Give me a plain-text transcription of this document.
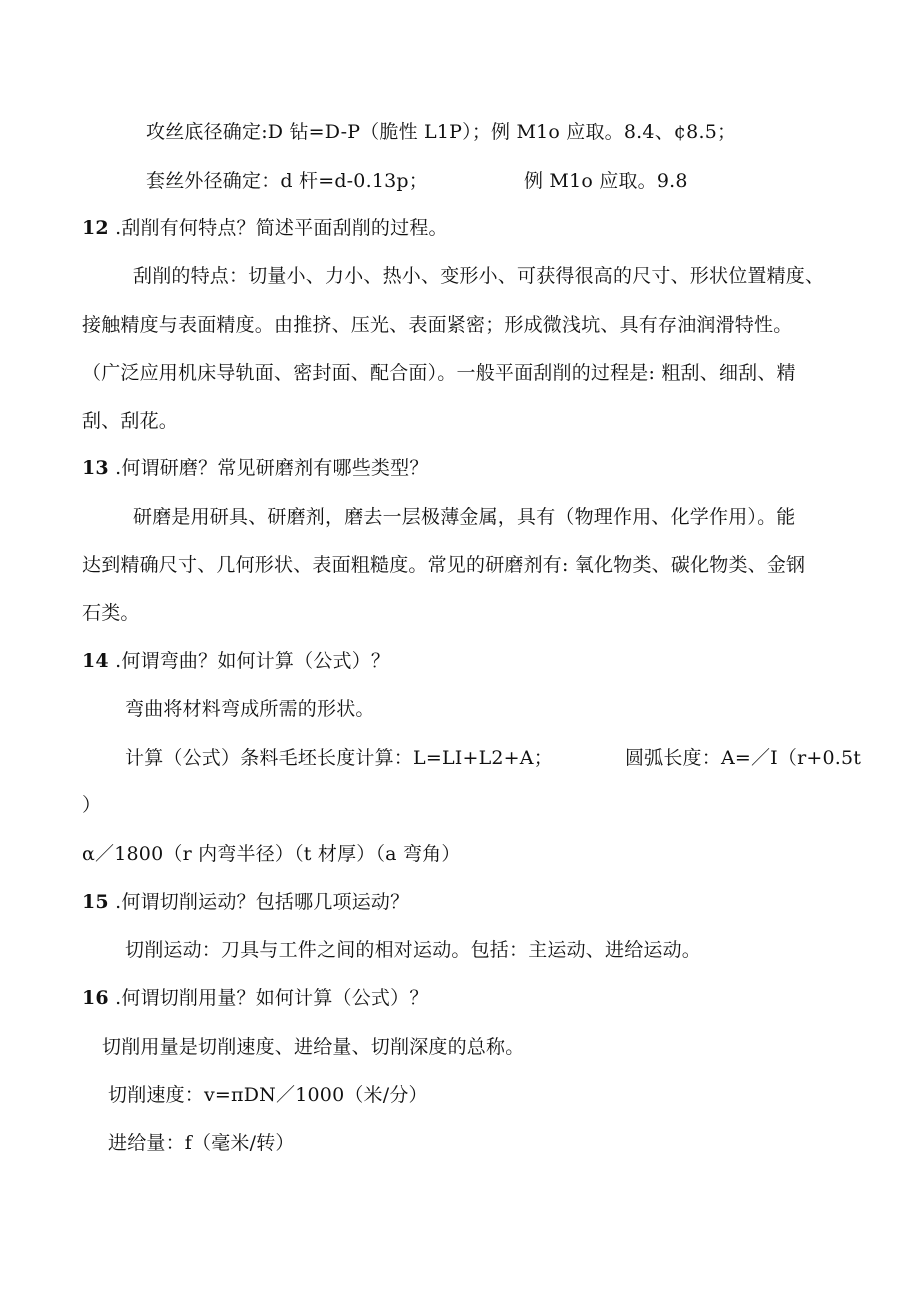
攻丝底径确定:D 钻=D-P（脆性 L1P）；例 M1o 应取。8.4、¢8.5；
套丝外径确定：d 杆=d-0.13p；	例 M1o 应取。9.8
12 .刮削有何特点？简述平面刮削的过程。
刮削的特点：切量小、力小、热小、变形小、可获得很高的尺寸、形状位置精度、
接触精度与表面精度。由推挤、压光、表面紧密；形成微浅坑、具有存油润滑特性。
（广泛应用机床导轨面、密封面、配合面）。一般平面刮削的过程是: 粗刮、细刮、精
刮、刮花。
13 .何谓研磨？常见研磨剂有哪些类型？
研磨是用研具、研磨剂，磨去一层极薄金属，具有（物理作用、化学作用）。能
达到精确尺寸、几何形状、表面粗糙度。常见的研磨剂有: 氧化物类、碳化物类、金钢
石类。
14 .何谓弯曲？如何计算（公式）？
弯曲将材料弯成所需的形状。
计算（公式）条料毛坯长度计算：L=LI+L2+A；	圆弧长度：A=／I（r+0.5t
）
α／1800（r 内弯半径）（t 材厚）（a 弯角）
15 .何谓切削运动？包括哪几项运动？
切削运动：刀具与工件之间的相对运动。包括：主运动、进给运动。
16 .何谓切削用量？如何计算（公式）？
切削用量是切削速度、进给量、切削深度的总称。
切削速度：v=πDN／1000（米/分）
进给量：f（毫米/转）
